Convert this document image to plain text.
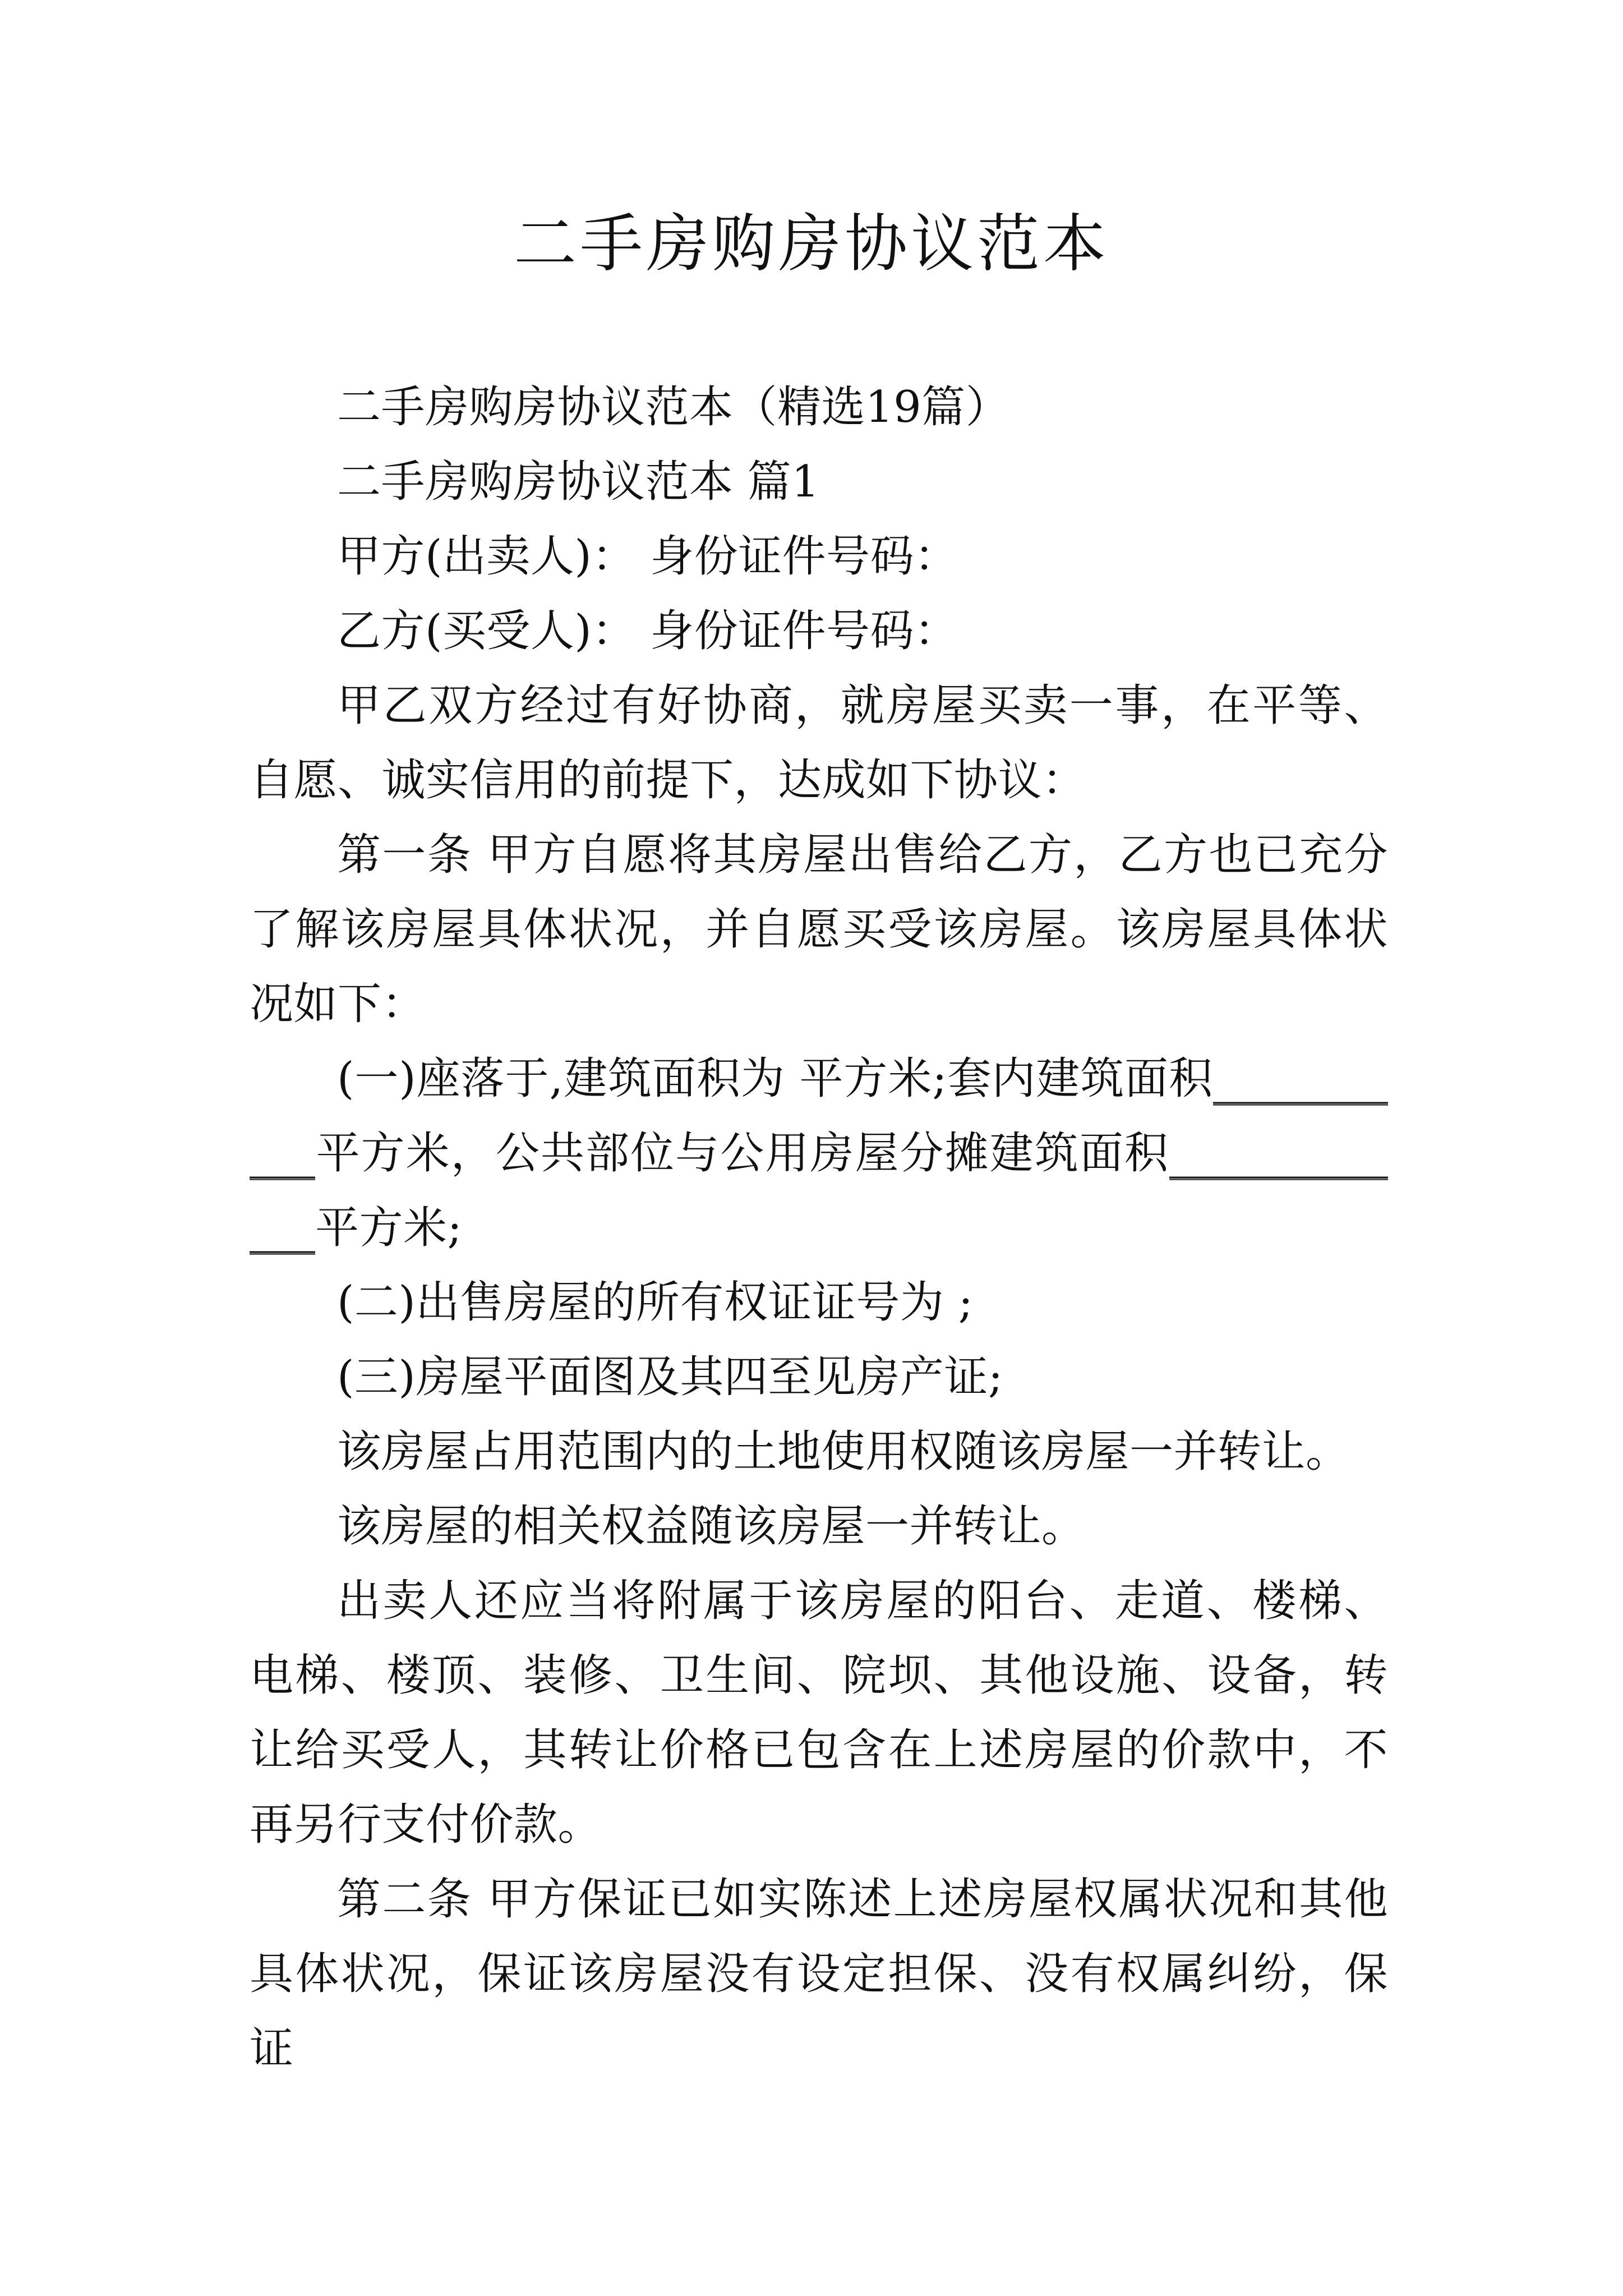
二手房购房协议范本

二手房购房协议范本（精选19篇）

二手房购房协议范本 篇1

甲方(出卖人)： 身份证件号码：

乙方(买受人)： 身份证件号码：

甲乙双方经过有好协商，就房屋买卖一事，在平等、自愿、诚实信用的前提下，达成如下协议：

第一条 甲方自愿将其房屋出售给乙方，乙方也已充分了解该房屋具体状况，并自愿买受该房屋。该房屋具体状况如下：

(一)座落于,建筑面积为 平方米;套内建筑面积___________平方米，公共部位与公用房屋分摊建筑面积_____________平方米;

(二)出售房屋的所有权证证号为 ;

(三)房屋平面图及其四至见房产证;

该房屋占用范围内的土地使用权随该房屋一并转让。

该房屋的相关权益随该房屋一并转让。

出卖人还应当将附属于该房屋的阳台、走道、楼梯、电梯、楼顶、装修、卫生间、院坝、其他设施、设备，转让给买受人，其转让价格已包含在上述房屋的价款中，不再另行支付价款。

第二条 甲方保证已如实陈述上述房屋权属状况和其他具体状况，保证该房屋没有设定担保、没有权属纠纷，保证
